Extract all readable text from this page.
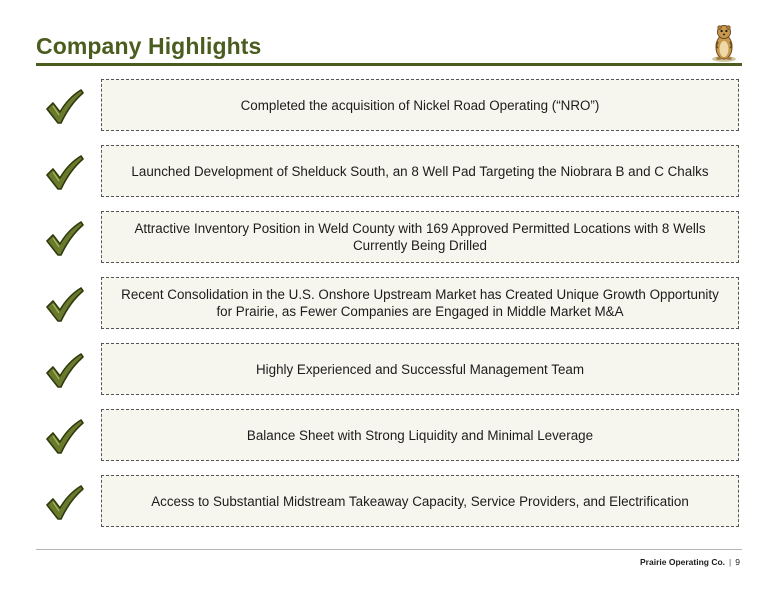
Company Highlights
Completed the acquisition of Nickel Road Operating (“NRO”)
Launched Development of Shelduck South, an 8 Well Pad Targeting the Niobrara B and C Chalks
Attractive Inventory Position in Weld County with 169 Approved Permitted Locations with 8 Wells Currently Being Drilled
Recent Consolidation in the U.S. Onshore Upstream Market has Created Unique Growth Opportunity for Prairie, as Fewer Companies are Engaged in Middle Market M&A
Highly Experienced and Successful Management Team
Balance Sheet with Strong Liquidity and Minimal Leverage
Access to Substantial Midstream Takeaway Capacity, Service Providers, and Electrification
Prairie Operating Co. | 9
